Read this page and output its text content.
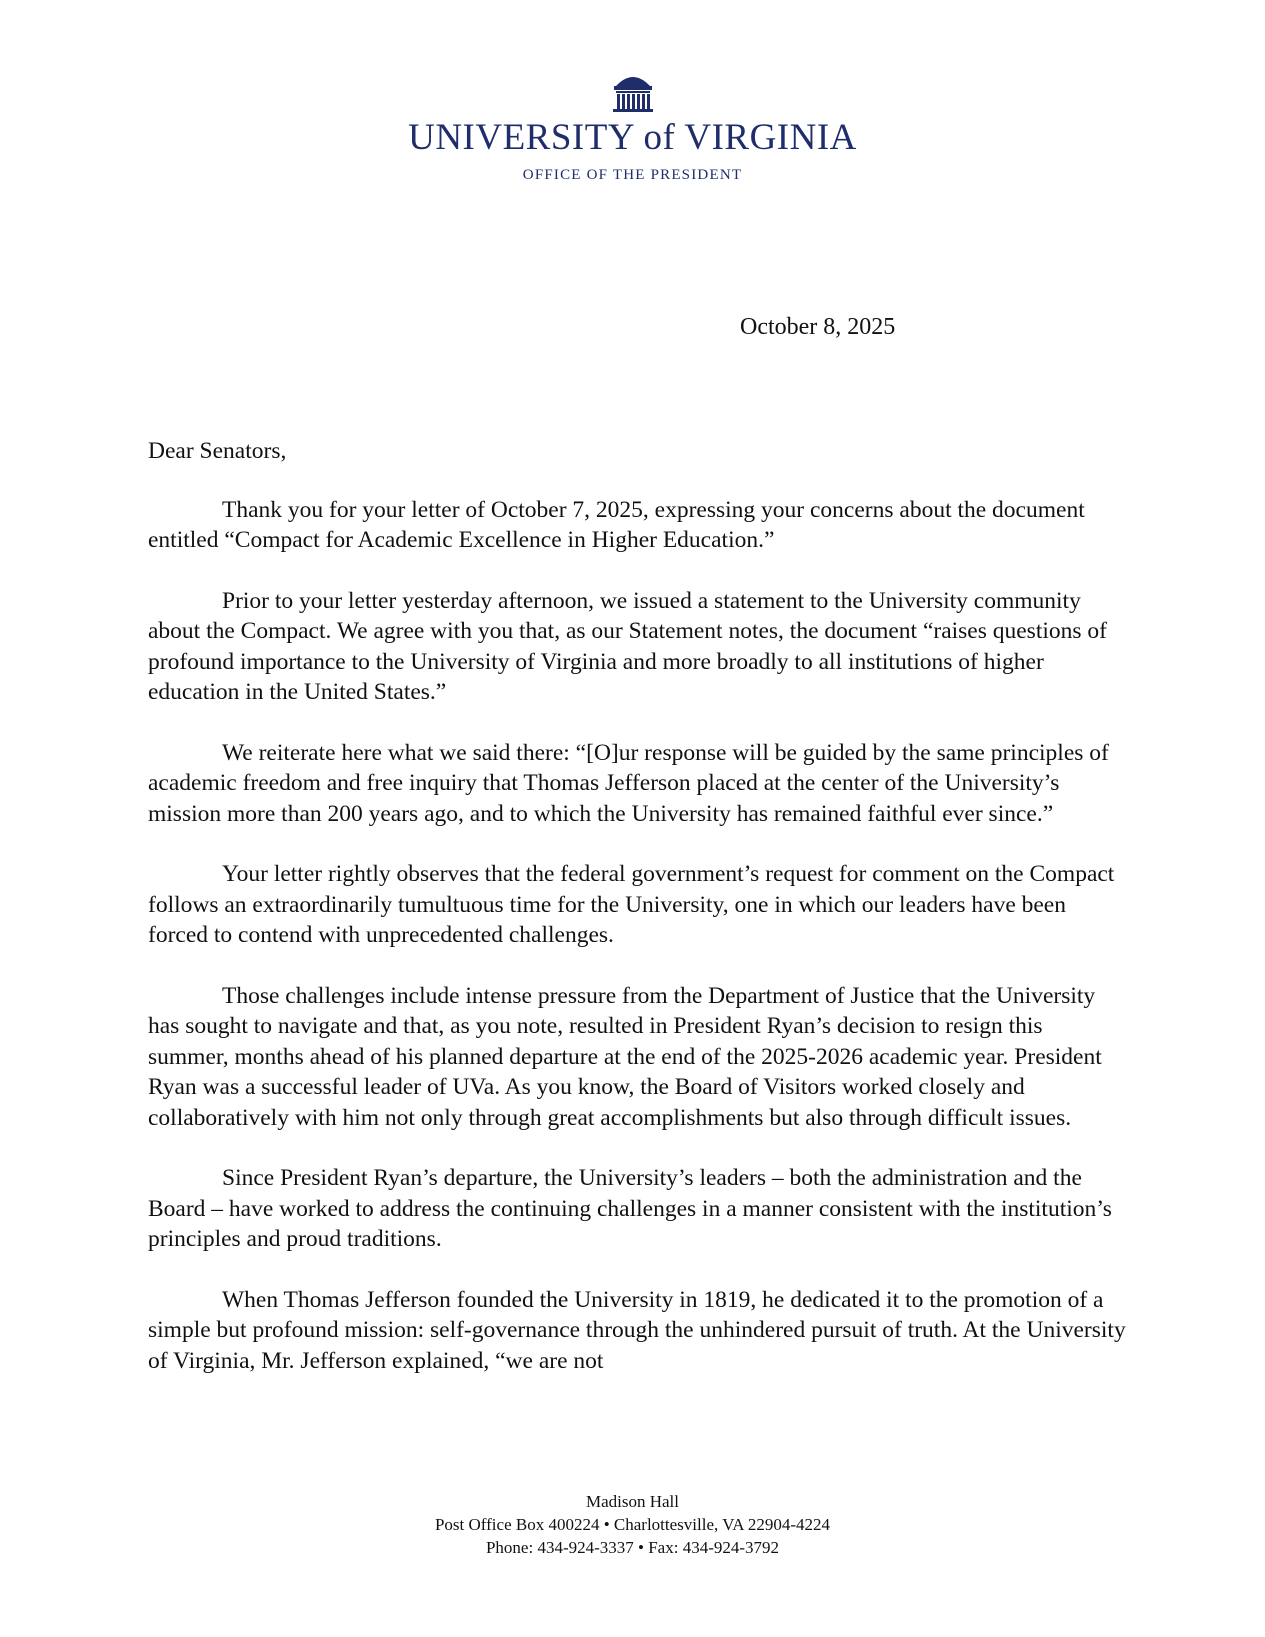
UNIVERSITY of VIRGINIA
OFFICE OF THE PRESIDENT
October 8, 2025

Dear Senators,

Thank you for your letter of October 7, 2025, expressing your concerns about the document entitled “Compact for Academic Excellence in Higher Education.”

Prior to your letter yesterday afternoon, we issued a statement to the University community about the Compact. We agree with you that, as our Statement notes, the document “raises questions of profound importance to the University of Virginia and more broadly to all institutions of higher education in the United States.”

We reiterate here what we said there: “[O]ur response will be guided by the same principles of academic freedom and free inquiry that Thomas Jefferson placed at the center of the University’s mission more than 200 years ago, and to which the University has remained faithful ever since.”

Your letter rightly observes that the federal government’s request for comment on the Compact follows an extraordinarily tumultuous time for the University, one in which our leaders have been forced to contend with unprecedented challenges.

Those challenges include intense pressure from the Department of Justice that the University has sought to navigate and that, as you note, resulted in President Ryan’s decision to resign this summer, months ahead of his planned departure at the end of the 2025-2026 academic year. President Ryan was a successful leader of UVa. As you know, the Board of Visitors worked closely and collaboratively with him not only through great accomplishments but also through difficult issues.

Since President Ryan’s departure, the University’s leaders – both the administration and the Board – have worked to address the continuing challenges in a manner consistent with the institution’s principles and proud traditions.

When Thomas Jefferson founded the University in 1819, he dedicated it to the promotion of a simple but profound mission: self-governance through the unhindered pursuit of truth. At the University of Virginia, Mr. Jefferson explained, “we are not

Madison Hall
Post Office Box 400224 • Charlottesville, VA 22904-4224
Phone: 434-924-3337 • Fax: 434-924-3792
